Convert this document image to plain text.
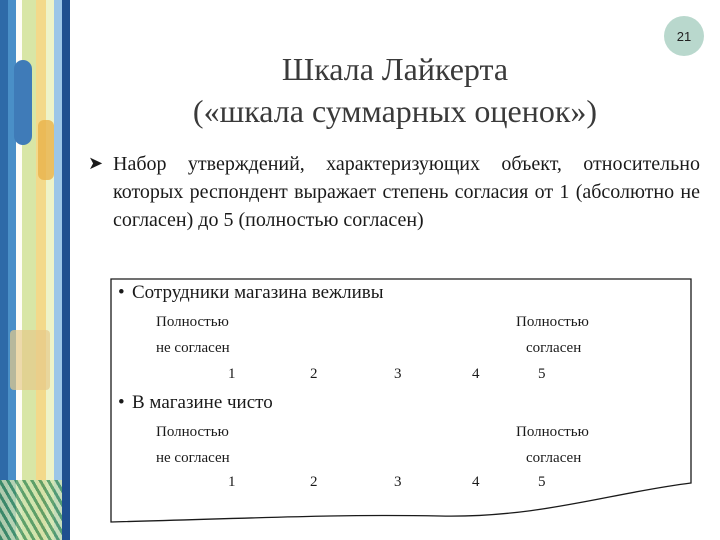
21
Шкала Лайкерта
(«шкала суммарных оценок»)
➤ Набор утверждений, характеризующих объект, относительно которых респондент выражает степень согласия от 1 (абсолютно не согласен) до 5 (полностью согласен)
• Сотрудники магазина вежливы
Полностью
не согласен
Полностью
согласен
1	2	3	4	5
• В магазине чисто
Полностью
не согласен
Полностью
согласен
1	2	3	4	5
